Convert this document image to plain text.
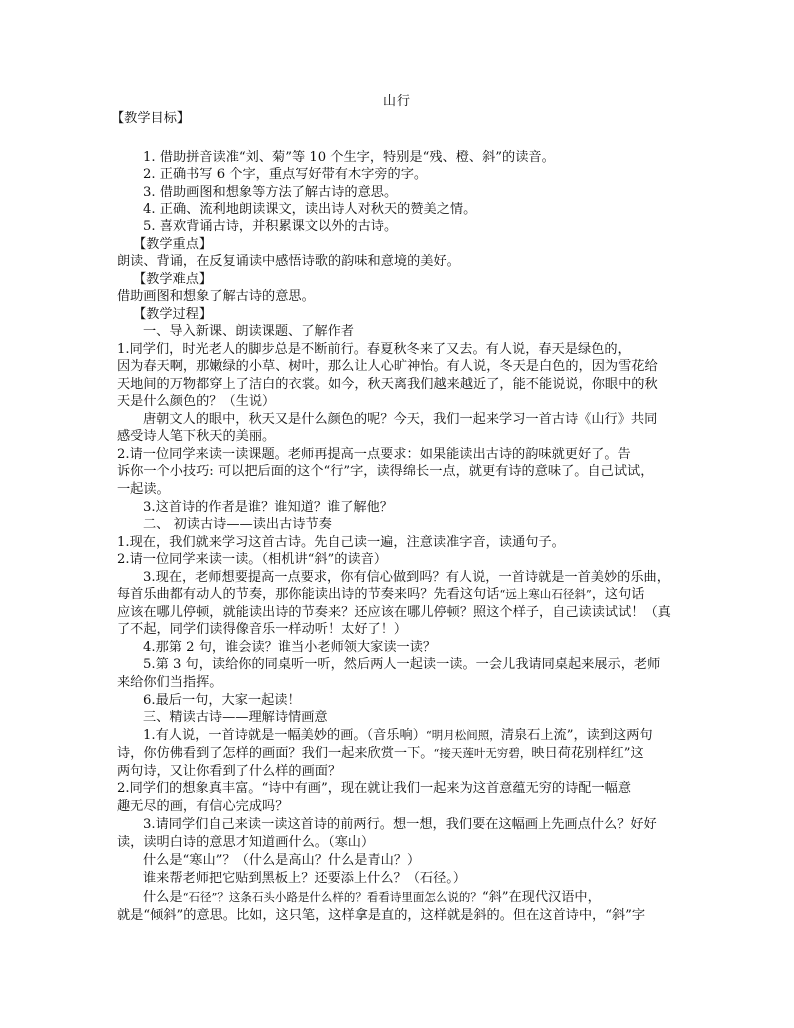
山行
【教学目标】
1. 借助拼音读准“刘、菊”等 10 个生字，特别是“残、橙、斜”的读音。
2. 正确书写 6 个字，重点写好带有木字旁的字。
3. 借助画图和想象等方法了解古诗的意思。
4. 正确、流利地朗读课文，读出诗人对秋天的赞美之情。
5. 喜欢背诵古诗，并积累课文以外的古诗。
【教学重点】
朗读、背诵，在反复诵读中感悟诗歌的韵味和意境的美好。
【教学难点】
借助画图和想象了解古诗的意思。
【教学过程】
一、导入新课、朗读课题、了解作者
1.同学们，时光老人的脚步总是不断前行。春夏秋冬来了又去。有人说，春天是绿色的，
因为春天啊，那嫩绿的小草、树叶，那么让人心旷神怡。有人说，冬天是白色的，因为雪花给
天地间的万物都穿上了洁白的衣裳。如今，秋天离我们越来越近了，能不能说说，你眼中的秋
天是什么颜色的？（生说）
唐朝文人的眼中，秋天又是什么颜色的呢？今天，我们一起来学习一首古诗《山行》共同
感受诗人笔下秋天的美丽。
2.请一位同学来读一读课题。老师再提高一点要求：如果能读出古诗的韵味就更好了。告
诉你一个小技巧: 可以把后面的这个“行”字，读得绵长一点，就更有诗的意味了。自己试试，
一起读。
3.这首诗的作者是谁？谁知道？谁了解他？
二、 初读古诗——读出古诗节奏
1.现在，我们就来学习这首古诗。先自己读一遍，注意读准字音，读通句子。
2.请一位同学来读一读。（相机讲“斜”的读音）
3.现在，老师想要提高一点要求，你有信心做到吗？有人说，一首诗就是一首美妙的乐曲，
每首乐曲都有动人的节奏，那你能读出诗的节奏来吗？先看这句话“远上寒山石径斜”，这句话
应该在哪儿停顿，就能读出诗的节奏来？还应该在哪儿停顿？照这个样子，自己读读试试！（真
了不起，同学们读得像音乐一样动听！太好了！）
4.那第 2 句，谁会读？谁当小老师领大家读一读？
5.第 3 句，读给你的同桌听一听，然后两人一起读一读。一会儿我请同桌起来展示，老师
来给你们当指挥。
6.最后一句，大家一起读！
三、精读古诗——理解诗情画意
1.有人说，一首诗就是一幅美妙的画。（音乐响）“明月松间照，清泉石上流”，读到这两句
诗，你仿佛看到了怎样的画面？我们一起来欣赏一下。“接天莲叶无穷碧，映日荷花别样红”这
两句诗，又让你看到了什么样的画面？
2.同学们的想象真丰富。“诗中有画”，现在就让我们一起来为这首意蕴无穷的诗配一幅意
趣无尽的画，有信心完成吗？
3.请同学们自己来读一读这首诗的前两行。想一想，我们要在这幅画上先画点什么？好好
读，读明白诗的意思才知道画什么。（寒山）
什么是“寒山”？（什么是高山？什么是青山？）
谁来帮老师把它贴到黑板上？还要添上什么？（石径。）
什么是“石径”？这条石头小路是什么样的？看看诗里面怎么说的？“斜”在现代汉语中，
就是“倾斜”的意思。比如，这只笔，这样拿是直的，这样就是斜的。但在这首诗中，“斜”字
